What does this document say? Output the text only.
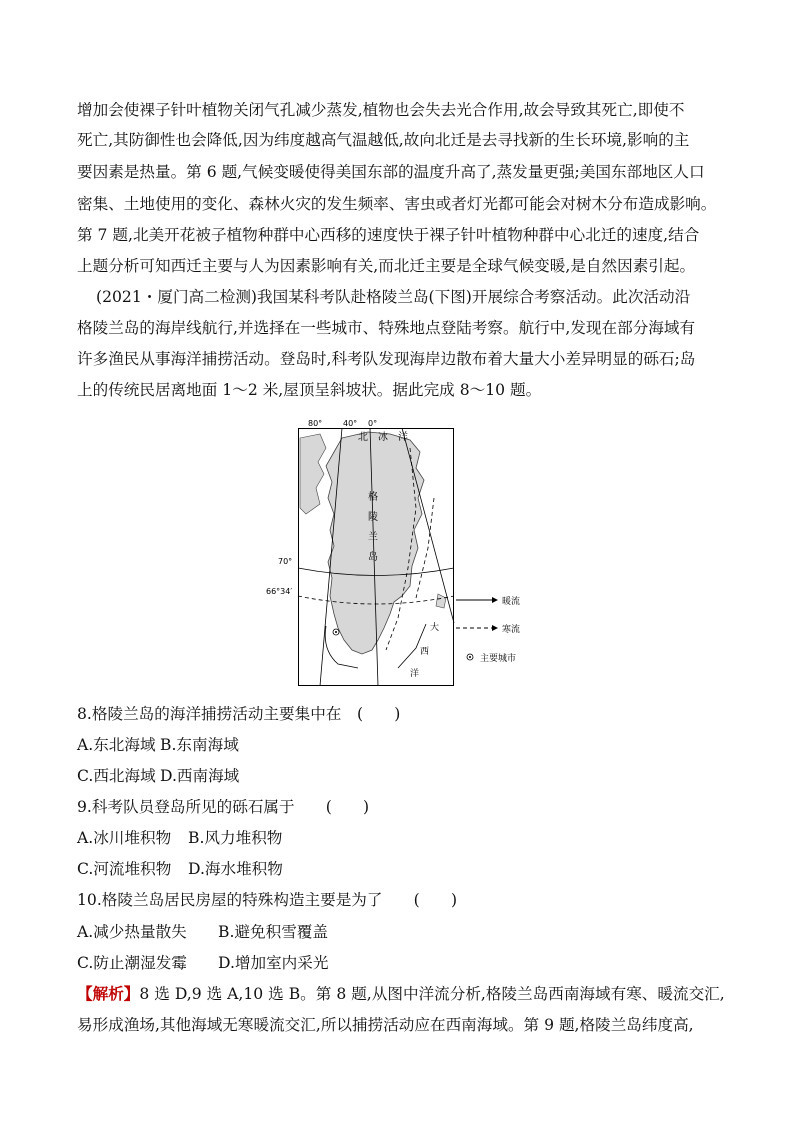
增加会使裸子针叶植物关闭气孔减少蒸发,植物也会失去光合作用,故会导致其死亡,即使不
死亡,其防御性也会降低,因为纬度越高气温越低,故向北迁是去寻找新的生长环境,影响的主
要因素是热量。第 6 题,气候变暖使得美国东部的温度升高了,蒸发量更强;美国东部地区人口
密集、土地使用的变化、森林火灾的发生频率、害虫或者灯光都可能会对树木分布造成影响。
第 7 题,北美开花被子植物种群中心西移的速度快于裸子针叶植物种群中心北迁的速度,结合
上题分析可知西迁主要与人为因素影响有关,而北迁主要是全球气候变暖,是自然因素引起。
(2021・厦门高二检测)我国某科考队赴格陵兰岛(下图)开展综合考察活动。此次活动沿
格陵兰岛的海岸线航行,并选择在一些城市、特殊地点登陆考察。航行中,发现在部分海域有
许多渔民从事海洋捕捞活动。登岛时,科考队发现海岸边散布着大量大小差异明显的砾石;岛
上的传统民居离地面 1～2 米,屋顶呈斜坡状。据此完成 8～10 题。
80°	40° 0°
北 冰 洋
格
陵
兰
岛
70°
66°34′
大
西
洋
暖流
寒流
主要城市
8.格陵兰岛的海洋捕捞活动主要集中在　(　　)
A.东北海域 B.东南海域
C.西北海域 D.西南海域
9.科考队员登岛所见的砾石属于　　(　　)
A.冰川堆积物 B.风力堆积物
C.河流堆积物 D.海水堆积物
10.格陵兰岛居民房屋的特殊构造主要是为了　　(　　)
A.减少热量散失 B.避免积雪覆盖
C.防止潮湿发霉 D.增加室内采光
【解析】8 选 D,9 选 A,10 选 B。第 8 题,从图中洋流分析,格陵兰岛西南海域有寒、暖流交汇,
易形成渔场,其他海域无寒暖流交汇,所以捕捞活动应在西南海域。第 9 题,格陵兰岛纬度高,
